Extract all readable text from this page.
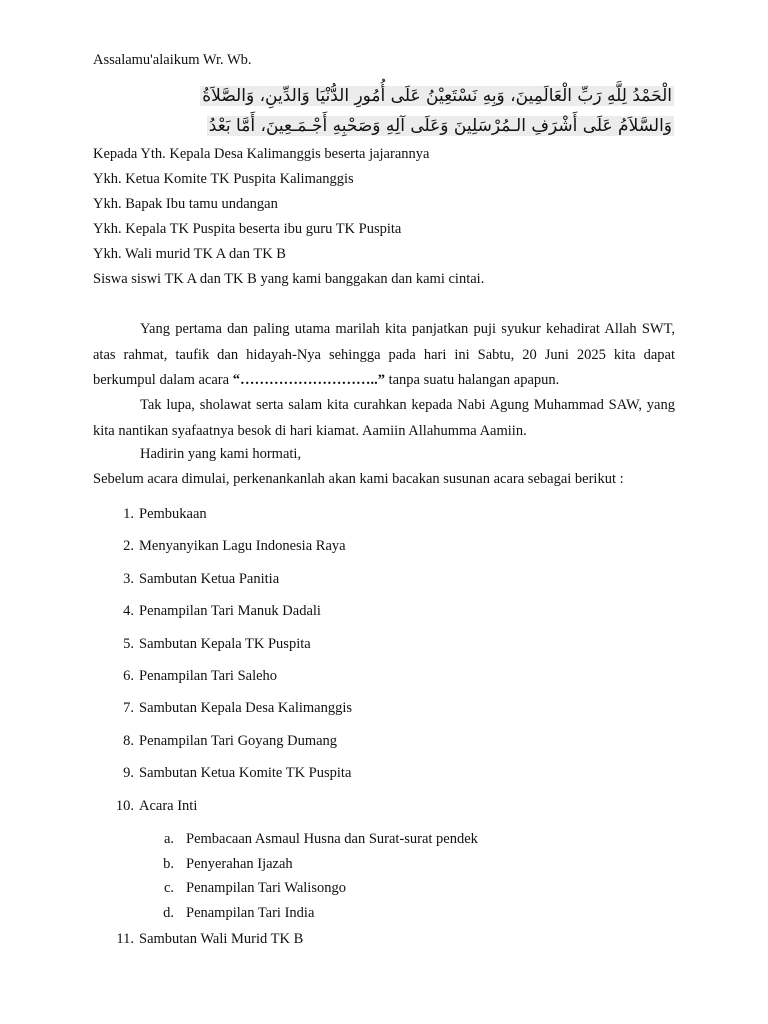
Assalamu'alaikum Wr. Wb.
الْحَمْدُ لِلَّهِ رَبِّ الْعَالَمِينَ، وَبِهِ نَسْتَعِيْنُ عَلَى أُمُورِ الدُّنْيَا وَالدِّينِ، وَالصَّلاَةُ
وَالسَّلاَمُ عَلَى أَشْرَفِ الـمُرْسَلِينَ وَعَلَى آلِهِ وَصَحْبِهِ أَجْـمَـعِينَ، أَمَّا بَعْدُ
Kepada Yth. Kepala Desa Kalimanggis beserta jajarannya
Ykh. Ketua Komite TK Puspita Kalimanggis
Ykh. Bapak Ibu tamu undangan
Ykh. Kepala TK Puspita beserta ibu guru TK Puspita
Ykh. Wali murid TK A dan TK B
Siswa siswi TK A dan TK B yang kami banggakan dan kami cintai.
Yang pertama dan paling utama marilah kita panjatkan puji syukur kehadirat Allah SWT, atas rahmat, taufik dan hidayah-Nya sehingga pada hari ini Sabtu, 20 Juni 2025 kita dapat berkumpul dalam acara “………………………..” tanpa suatu halangan apapun.
Tak lupa, sholawat serta salam kita curahkan kepada Nabi Agung Muhammad SAW, yang kita nantikan syafaatnya besok di hari kiamat. Aamiin Allahumma Aamiin.
Hadirin yang kami hormati,
Sebelum acara dimulai, perkenankanlah akan kami bacakan susunan acara sebagai berikut :
1. Pembukaan
2. Menyanyikan Lagu Indonesia Raya
3. Sambutan Ketua Panitia
4. Penampilan Tari Manuk Dadali
5. Sambutan Kepala TK Puspita
6. Penampilan Tari Saleho
7. Sambutan Kepala Desa Kalimanggis
8. Penampilan Tari Goyang Dumang
9. Sambutan Ketua Komite TK Puspita
10. Acara Inti
a. Pembacaan Asmaul Husna dan Surat-surat pendek
b. Penyerahan Ijazah
c. Penampilan Tari Walisongo
d. Penampilan Tari India
11. Sambutan Wali Murid TK B
